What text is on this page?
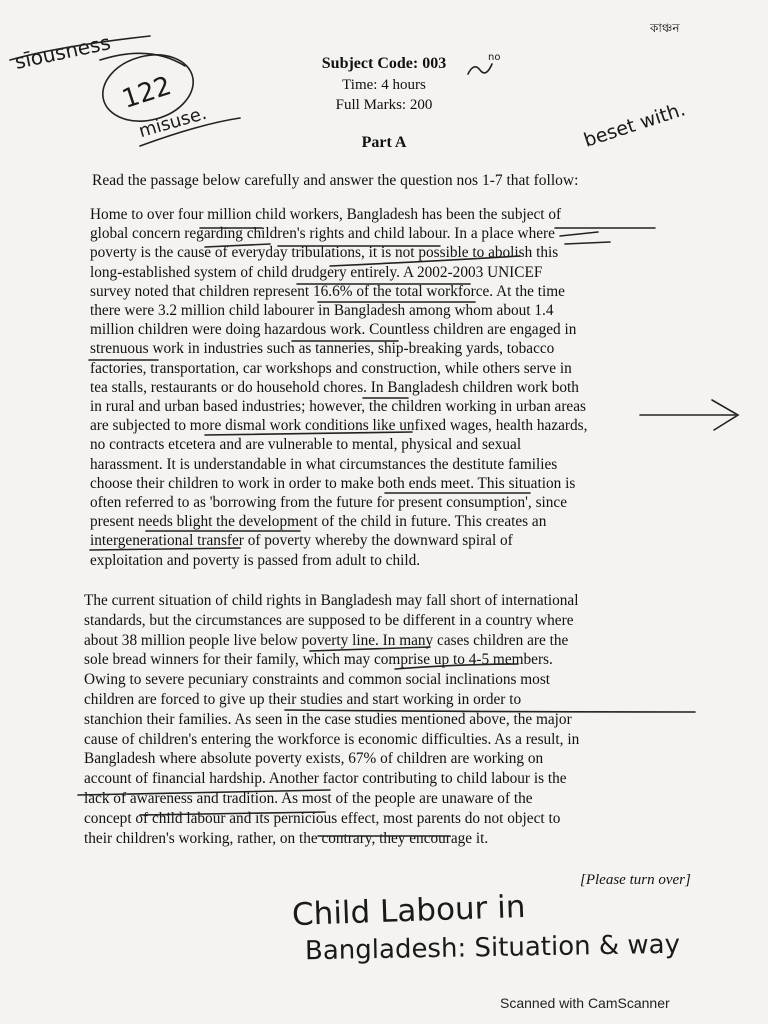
Subject Code: 003
Time: 4 hours
Full Marks: 200
Part A
কাঞ্চন
Read the passage below carefully and answer the question nos 1-7 that follow:
Home to over four million child workers, Bangladesh has been the subject of
global concern regarding children's rights and child labour. In a place where
poverty is the cause of everyday tribulations, it is not possible to abolish this
long-established system of child drudgery entirely. A 2002-2003 UNICEF
survey noted that children represent 16.6% of the total workforce. At the time
there were 3.2 million child labourer in Bangladesh among whom about 1.4
million children were doing hazardous work. Countless children are engaged in
strenuous work in industries such as tanneries, ship-breaking yards, tobacco
factories, transportation, car workshops and construction, while others serve in
tea stalls, restaurants or do household chores. In Bangladesh children work both
in rural and urban based industries; however, the children working in urban areas
are subjected to more dismal work conditions like unfixed wages, health hazards,
no contracts etcetera and are vulnerable to mental, physical and sexual
harassment. It is understandable in what circumstances the destitute families
choose their children to work in order to make both ends meet. This situation is
often referred to as 'borrowing from the future for present consumption', since
present needs blight the development of the child in future. This creates an
intergenerational transfer of poverty whereby the downward spiral of
exploitation and poverty is passed from adult to child.
The current situation of child rights in Bangladesh may fall short of international
standards, but the circumstances are supposed to be different in a country where
about 38 million people live below poverty line. In many cases children are the
sole bread winners for their family, which may comprise up to 4-5 members.
Owing to severe pecuniary constraints and common social inclinations most
children are forced to give up their studies and start working in order to
stanchion their families. As seen in the case studies mentioned above, the major
cause of children's entering the workforce is economic difficulties. As a result, in
Bangladesh where absolute poverty exists, 67% of children are working on
account of financial hardship. Another factor contributing to child labour is the
lack of awareness and tradition. As most of the people are unaware of the
concept of child labour and its pernicious effect, most parents do not object to
their children's working, rather, on the contrary, they encourage it.
[Please turn over]
sīousness
122
misuse.
no
beset with.
Child Labour in
Bangladesh: Situation & way
Scanned with CamScanner
